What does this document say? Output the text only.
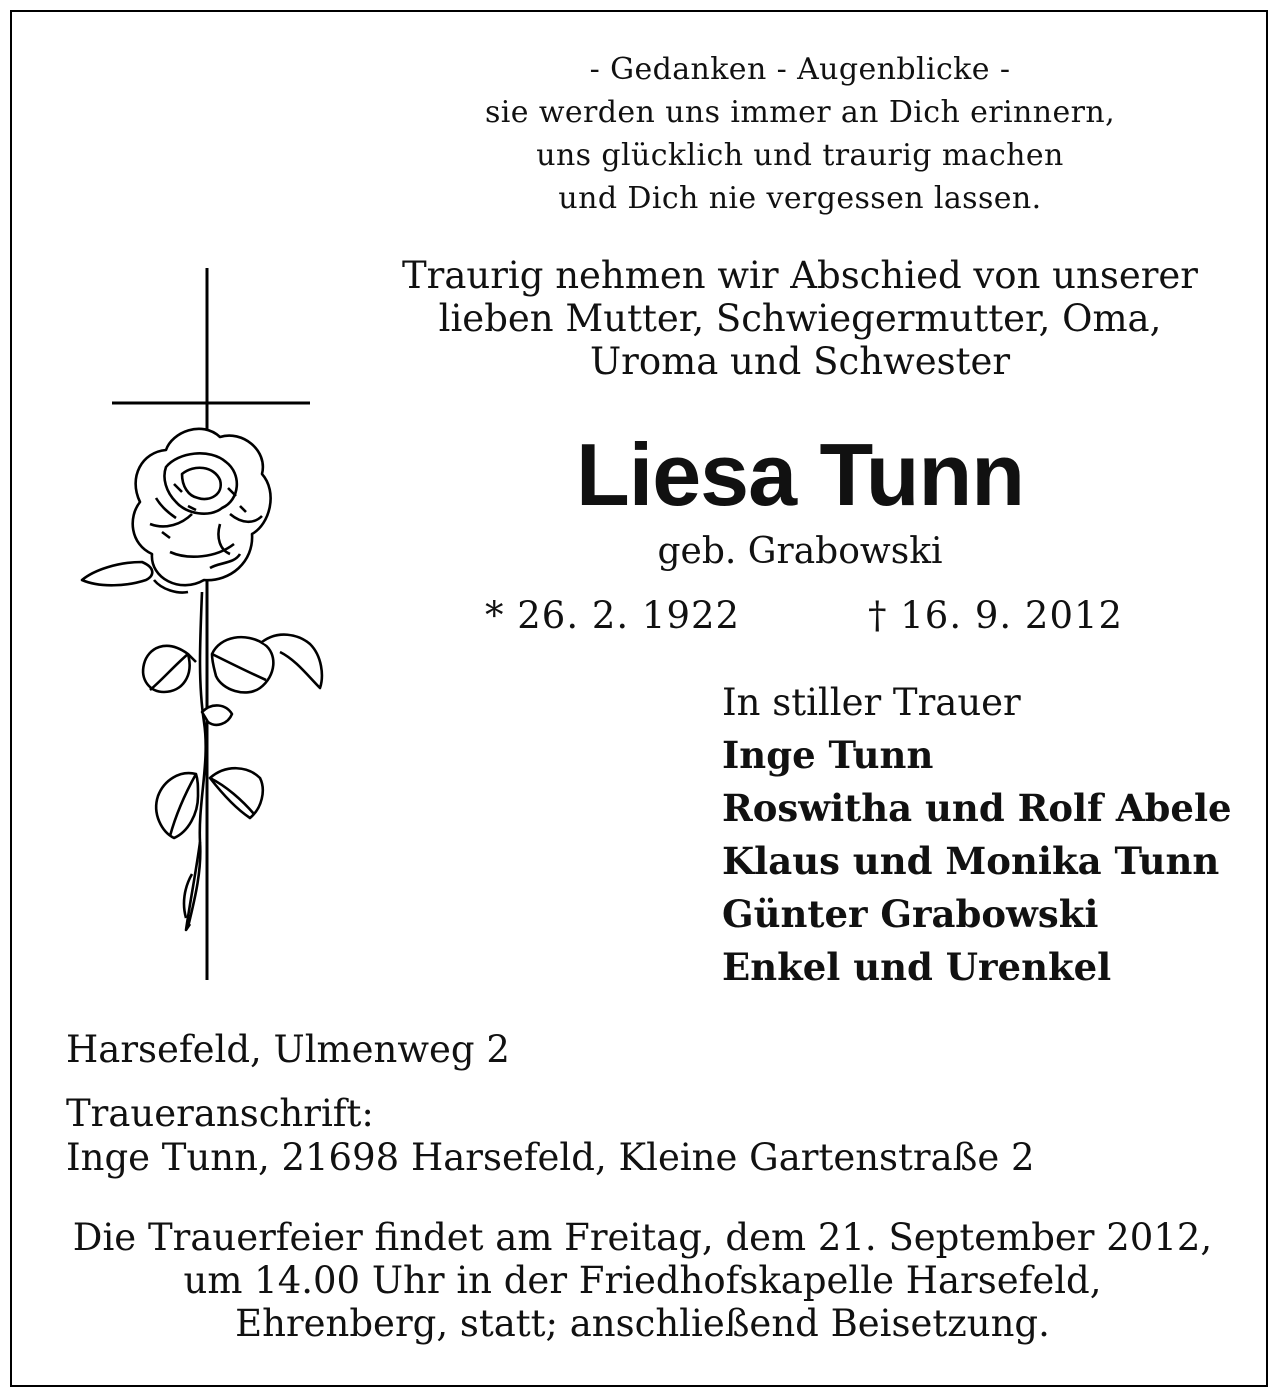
- Gedanken - Augenblicke -
sie werden uns immer an Dich erinnern,
uns glücklich und traurig machen
und Dich nie vergessen lassen.
Traurig nehmen wir Abschied von unserer
lieben Mutter, Schwiegermutter, Oma,
Uroma und Schwester
Liesa Tunn
geb. Grabowski
* 26. 2. 1922	† 16. 9. 2012
In stiller Trauer
Inge Tunn
Roswitha und Rolf Abele
Klaus und Monika Tunn
Günter Grabowski
Enkel und Urenkel
Harsefeld, Ulmenweg 2
Traueranschrift:
Inge Tunn, 21698 Harsefeld, Kleine Gartenstraße 2
Die Trauerfeier findet am Freitag, dem 21. September 2012,
um 14.00 Uhr in der Friedhofskapelle Harsefeld,
Ehrenberg, statt; anschließend Beisetzung.
